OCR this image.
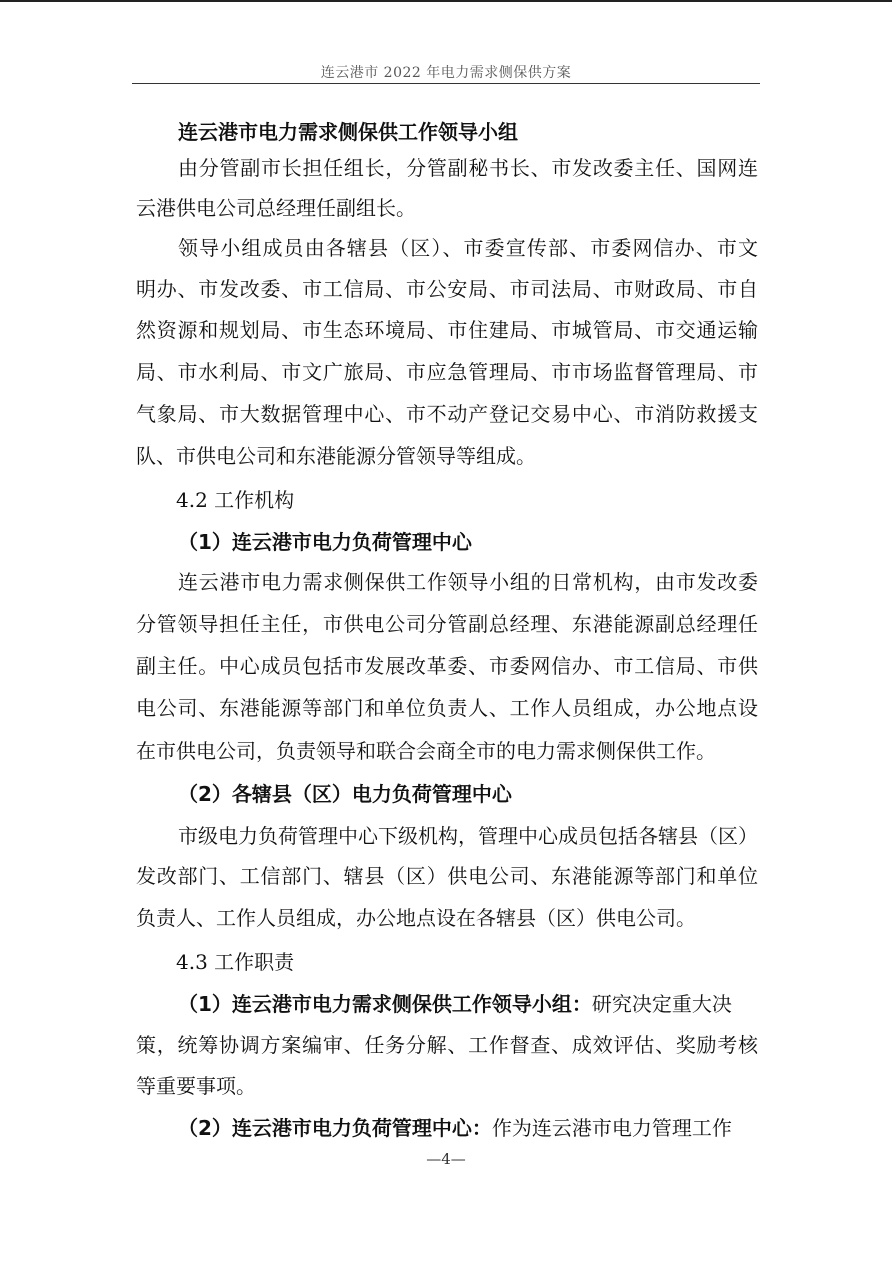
连云港市 2022 年电力需求侧保供方案
连云港市电力需求侧保供工作领导小组
由分管副市长担任组长，分管副秘书长、市发改委主任、国网连
云港供电公司总经理任副组长。
领导小组成员由各辖县（区）、市委宣传部、市委网信办、市文
明办、市发改委、市工信局、市公安局、市司法局、市财政局、市自
然资源和规划局、市生态环境局、市住建局、市城管局、市交通运输
局、市水利局、市文广旅局、市应急管理局、市市场监督管理局、市
气象局、市大数据管理中心、市不动产登记交易中心、市消防救援支
队、市供电公司和东港能源分管领导等组成。
4.2 工作机构
（1）连云港市电力负荷管理中心
连云港市电力需求侧保供工作领导小组的日常机构，由市发改委
分管领导担任主任，市供电公司分管副总经理、东港能源副总经理任
副主任。中心成员包括市发展改革委、市委网信办、市工信局、市供
电公司、东港能源等部门和单位负责人、工作人员组成，办公地点设
在市供电公司，负责领导和联合会商全市的电力需求侧保供工作。
（2）各辖县（区）电力负荷管理中心
市级电力负荷管理中心下级机构，管理中心成员包括各辖县（区）
发改部门、工信部门、辖县（区）供电公司、东港能源等部门和单位
负责人、工作人员组成，办公地点设在各辖县（区）供电公司。
4.3 工作职责
（1）连云港市电力需求侧保供工作领导小组：研究决定重大决
策，统筹协调方案编审、任务分解、工作督查、成效评估、奖励考核
等重要事项。
（2）连云港市电力负荷管理中心：作为连云港市电力管理工作
—4—
